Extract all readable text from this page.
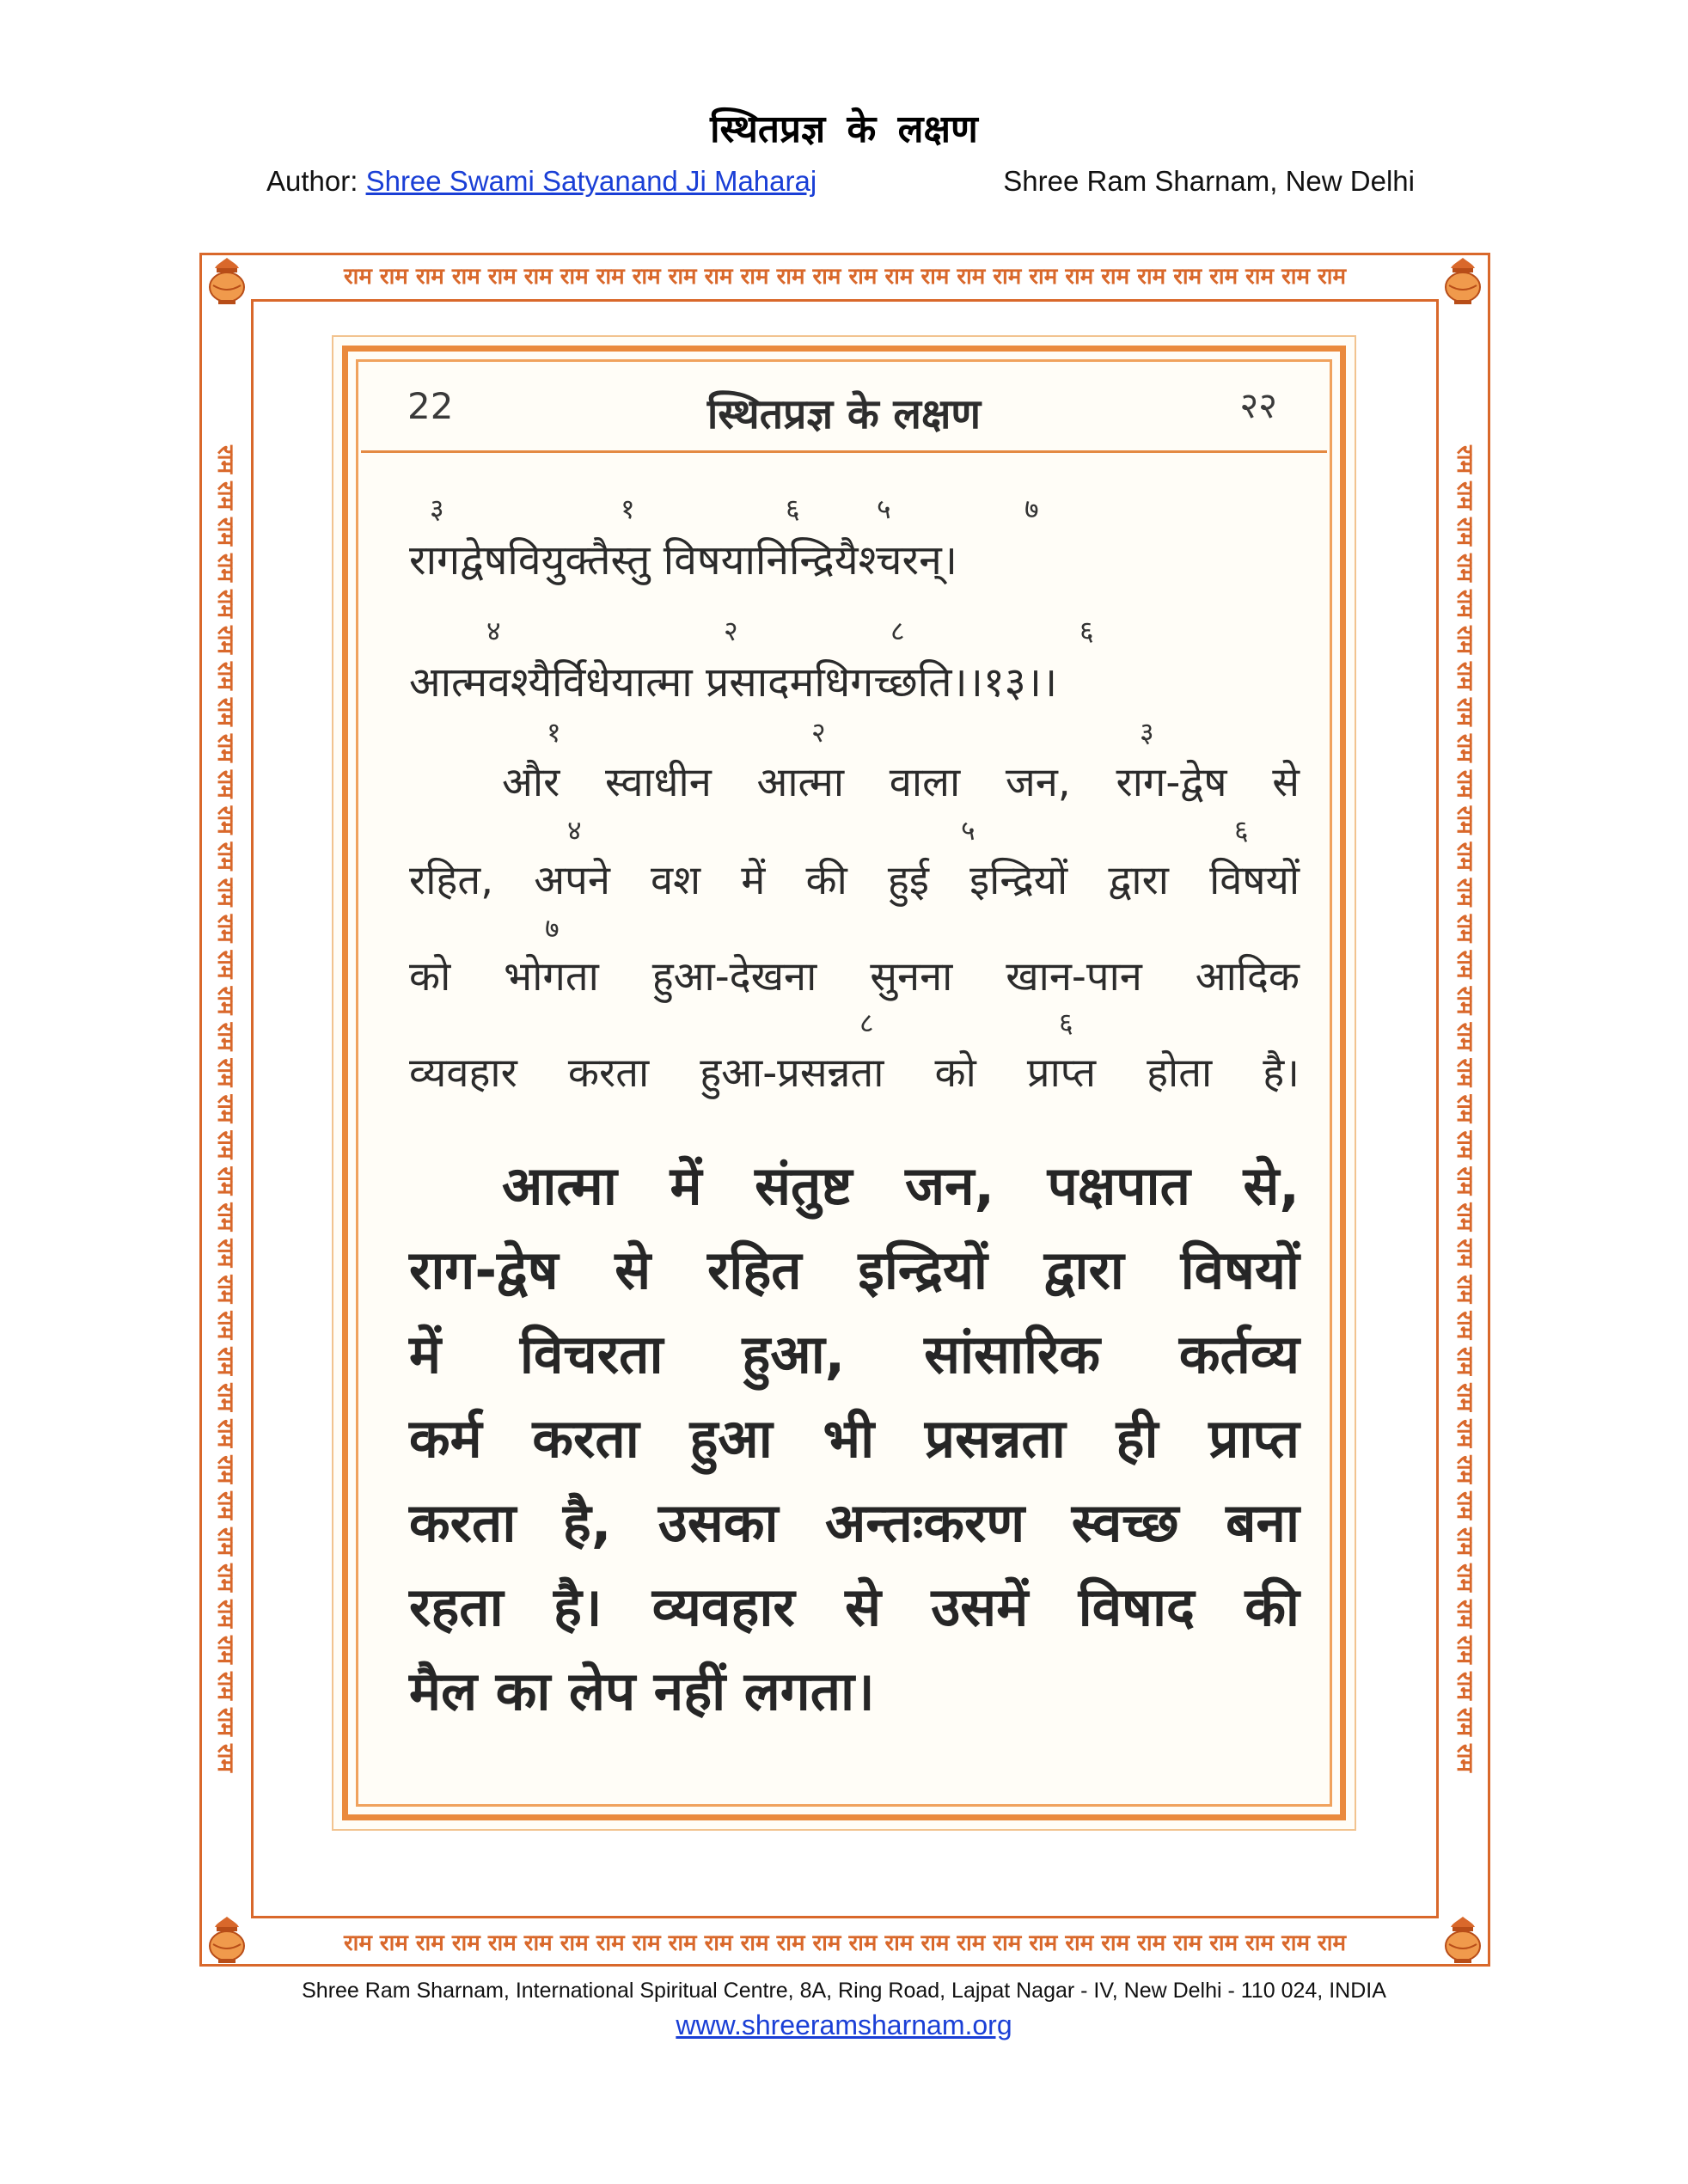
स्थितप्रज्ञ के लक्षण
Author: Shree Swami Satyanand Ji Maharaj	Shree Ram Sharnam, New Delhi
राम राम राम राम राम राम राम राम राम राम राम राम राम राम राम राम राम राम राम राम राम राम राम राम राम राम राम राम
राम राम राम राम राम राम राम राम राम राम राम राम राम राम राम राम राम राम राम राम राम राम राम राम राम राम राम राम
राम राम राम राम राम राम राम राम राम राम राम राम राम राम राम राम राम राम राम राम राम राम राम राम राम राम राम राम राम राम राम राम राम राम राम राम राम	राम राम राम राम राम राम राम राम राम राम राम राम राम राम राम राम राम राम राम राम राम राम राम राम राम राम राम राम राम राम राम राम राम राम राम राम राम
22	स्थितप्रज्ञ के लक्षण	२२
३	१	६	५	७
रागद्वेषवियुक्तैस्तु विषयानिन्द्रियैश्चरन्।
४	२	८	६
आत्मवश्यैर्विधेयात्मा प्रसादमधिगच्छति।।१३।।
१	२	३
और स्वाधीन आत्मा वाला जन, राग-द्वेष से
४	५	६
रहित, अपने वश में की हुई इन्द्रियों द्वारा विषयों
७
को भोगता हुआ-देखना सुनना खान-पान आदिक
८	६
व्यवहार करता हुआ-प्रसन्नता को प्राप्त होता है।
आत्मा में संतुष्ट जन, पक्षपात से,
राग-द्वेष से रहित इन्द्रियों द्वारा विषयों
में विचरता हुआ, सांसारिक कर्तव्य
कर्म करता हुआ भी प्रसन्नता ही प्राप्त
करता है, उसका अन्तःकरण स्वच्छ बना
रहता है। व्यवहार से उसमें विषाद की
मैल का लेप नहीं लगता।
Shree Ram Sharnam, International Spiritual Centre, 8A, Ring Road, Lajpat Nagar - IV, New Delhi - 110 024, INDIA
www.shreeramsharnam.org
